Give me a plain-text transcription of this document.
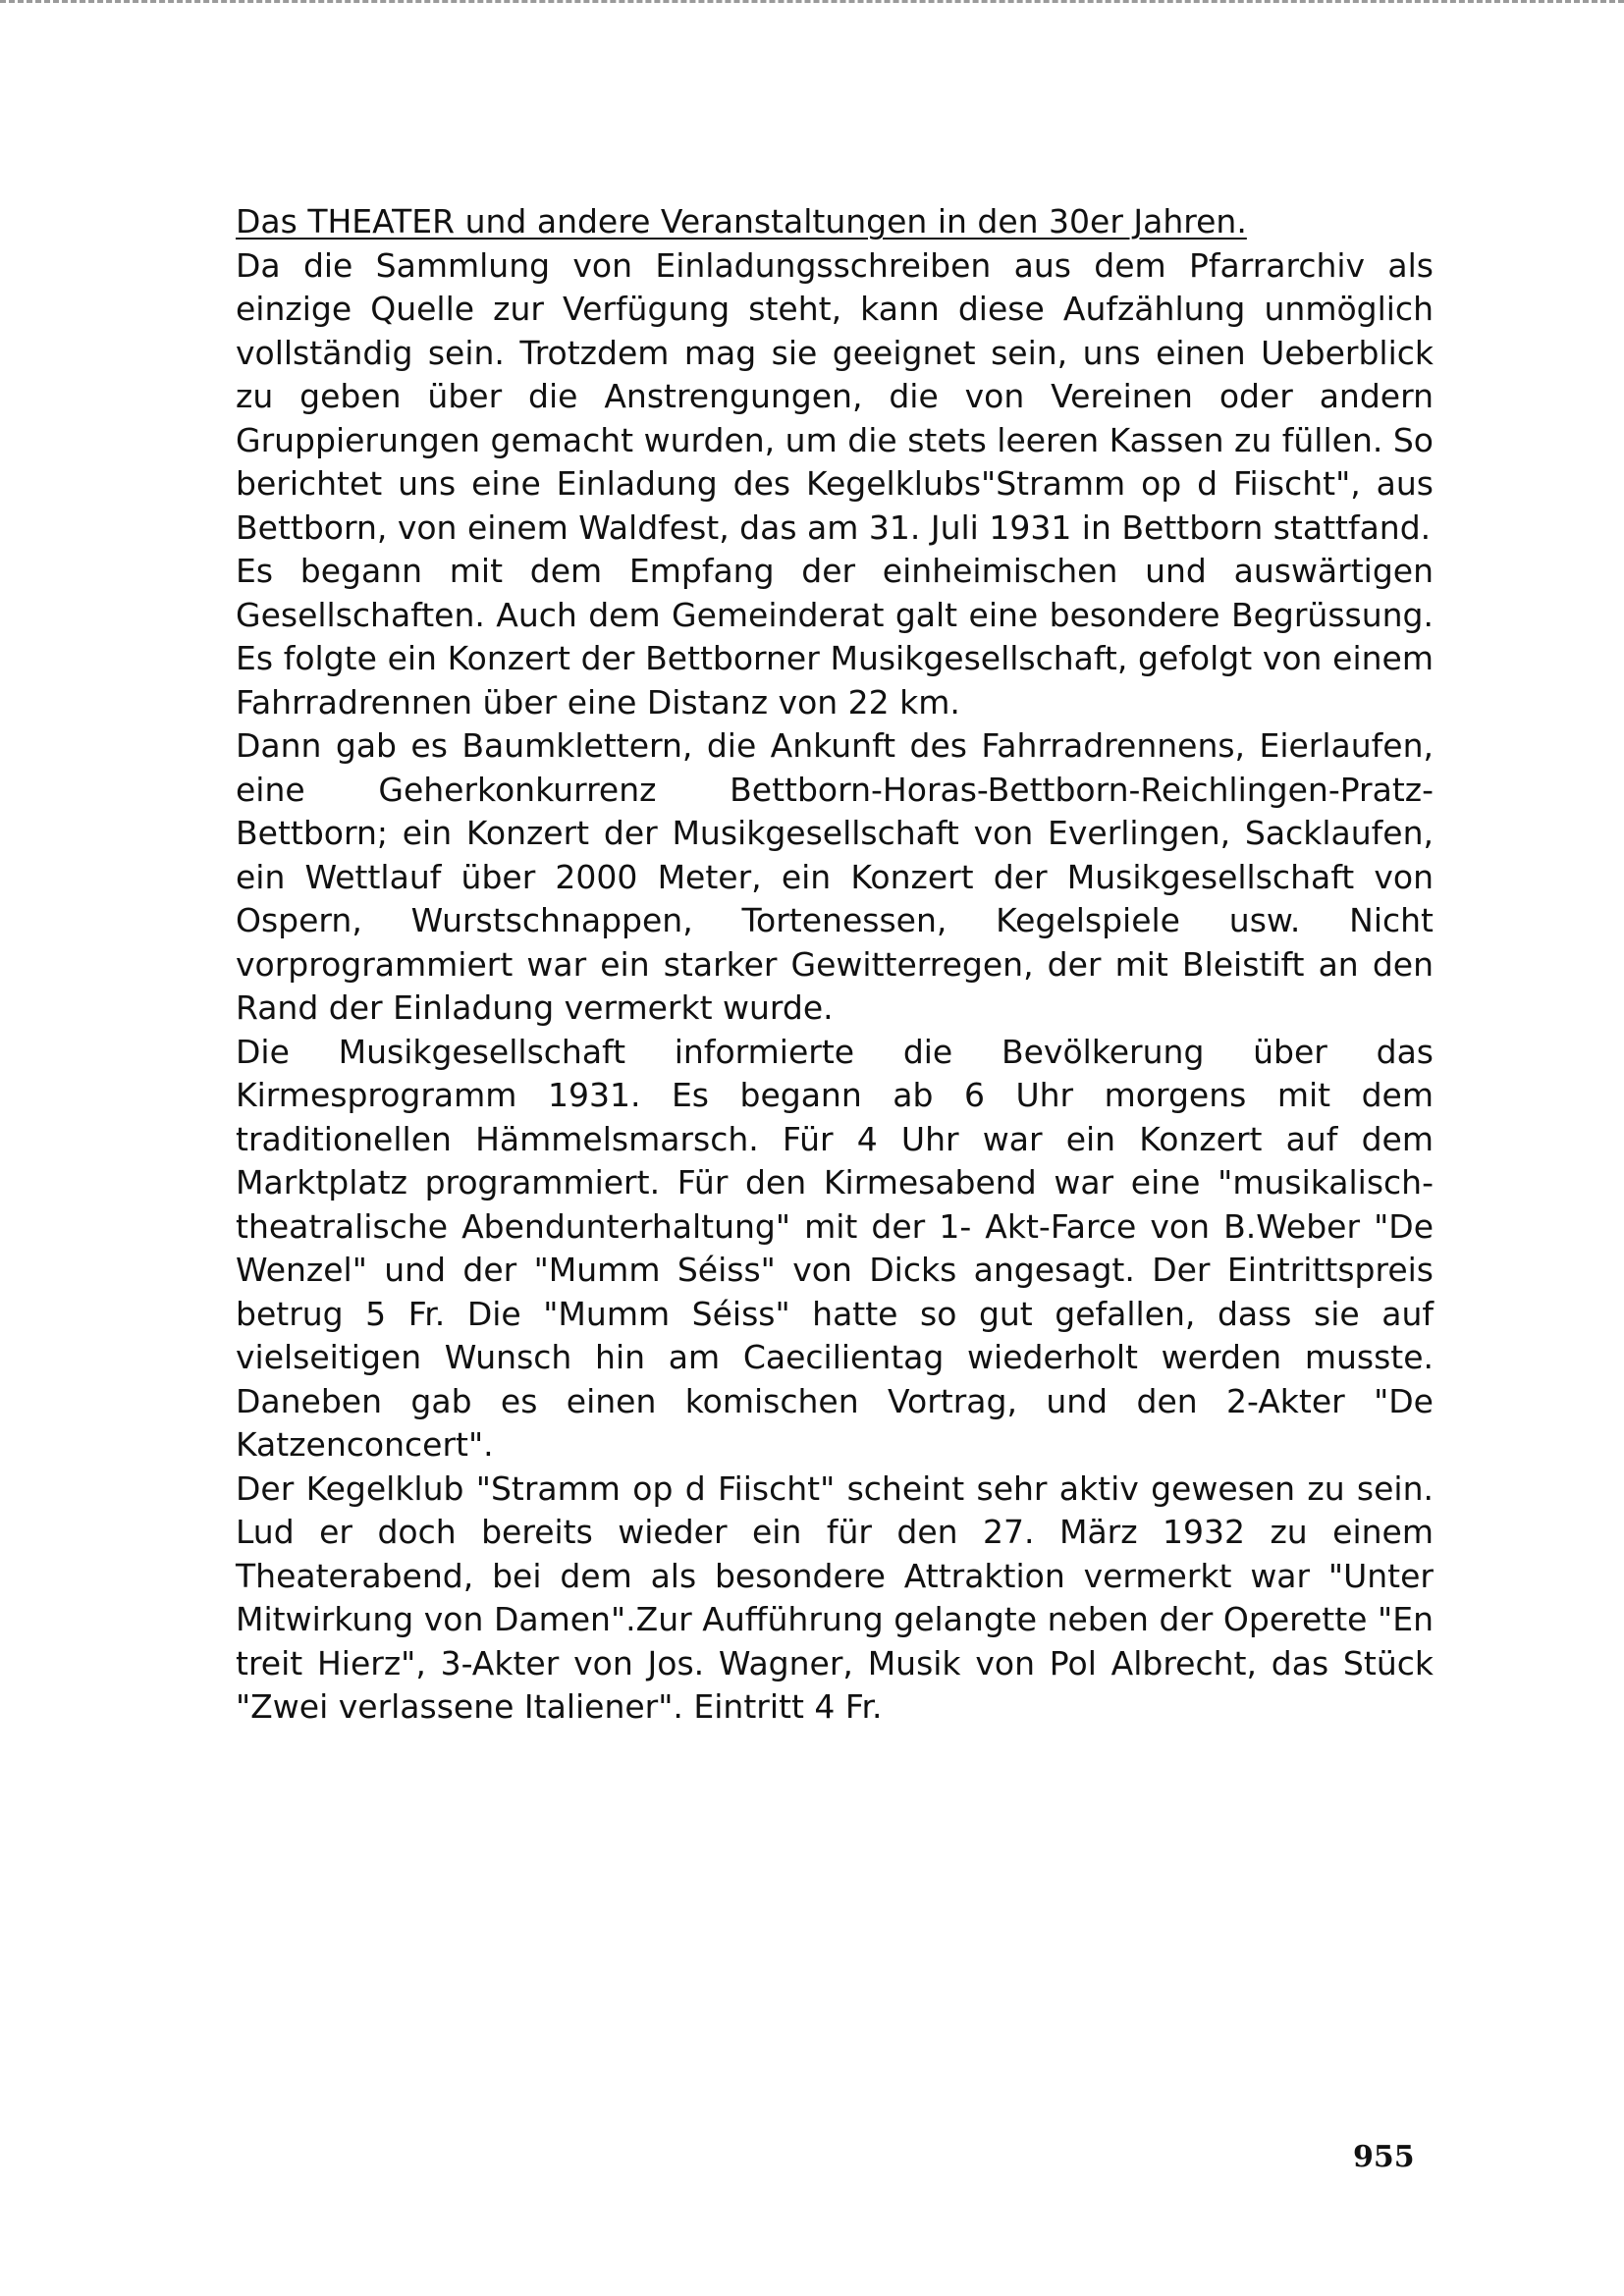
Das THEATER und andere Veranstaltungen in den 30er Jahren.

Da die Sammlung von Einladungsschreiben aus dem Pfarrarchiv als einzige Quelle zur Verfügung steht, kann diese Aufzählung unmöglich vollständig sein. Trotzdem mag sie geeignet sein, uns einen Ueberblick zu geben über die Anstrengungen, die von Vereinen oder andern Gruppierungen gemacht wurden, um die stets leeren Kassen zu füllen. So berichtet uns eine Einladung des Kegelklubs"Stramm op d Fiischt", aus Bettborn, von einem Waldfest, das am 31. Juli 1931 in Bettborn stattfand.

Es begann mit dem Empfang der einheimischen und auswärtigen Gesellschaften. Auch dem Gemeinderat galt eine besondere Begrüssung. Es folgte ein Konzert der Bettborner Musikgesellschaft, gefolgt von einem Fahrradrennen über eine Distanz von 22 km.

Dann gab es Baumklettern, die Ankunft des Fahrradrennens, Eierlaufen, eine Geherkonkurrenz Bettborn-Horas-Bettborn-Reichlingen-Pratz-Bettborn; ein Konzert der Musikgesellschaft von Everlingen, Sacklaufen, ein Wettlauf über 2000 Meter, ein Konzert der Musikgesellschaft von Ospern, Wurstschnappen, Tortenessen, Kegelspiele usw. Nicht vorprogrammiert war ein starker Gewitterregen, der mit Bleistift an den Rand der Einladung vermerkt wurde.

Die Musikgesellschaft informierte die Bevölkerung über das Kirmesprogramm 1931. Es begann ab 6 Uhr morgens mit dem traditionellen Hämmelsmarsch. Für 4 Uhr war ein Konzert auf dem Marktplatz programmiert. Für den Kirmesabend war eine "musikalisch-theatralische Abendunterhaltung" mit der 1- Akt-Farce von B.Weber "De Wenzel" und der "Mumm Séiss" von Dicks angesagt. Der Eintrittspreis betrug 5 Fr. Die "Mumm Séiss" hatte so gut gefallen, dass sie auf vielseitigen Wunsch hin am Caecilientag wiederholt werden musste. Daneben gab es einen komischen Vortrag, und den 2-Akter "De Katzenconcert".

Der Kegelklub "Stramm op d Fiischt" scheint sehr aktiv gewesen zu sein. Lud er doch bereits wieder ein für den 27. März 1932 zu einem Theaterabend, bei dem als besondere Attraktion vermerkt war "Unter Mitwirkung von Damen".Zur Aufführung gelangte neben der Operette "En treit Hierz", 3-Akter von Jos. Wagner, Musik von Pol Albrecht, das Stück "Zwei verlassene Italiener". Eintritt 4 Fr.

955
